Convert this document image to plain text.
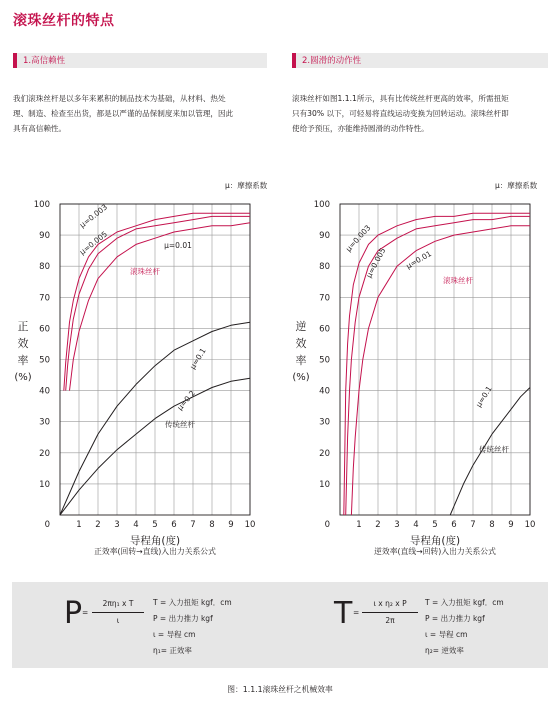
滚珠丝杆的特点
1.高信赖性	2.圆滑的动作性
我们滚珠丝杆是以多年来累积的制品技术为基础，从材料、热处
理、制造、检查至出货，都是以严谨的品保制度来加以管理，因此
具有高信赖性。
滚珠丝杆如图1.1.1所示，具有比传统丝杆更高的效率，所需扭矩
只有30% 以下，可轻易将直线运动变换为回转运动。滚珠丝杆即
使给予预压，亦能维持圆滑的动作特性。
μ：摩擦系数	μ：摩擦系数
正
效
率
(%)
逆
效
率
(%)
10
20
30
40
50
60
70
80
90
100
0	1 2 3 4 5 6 7 8 9 10
导程角(度)
μ=0.003
μ=0.005	μ=0.01
滚珠丝杆
μ=0.1
μ=0.2
传统丝杆
10
20
30
40
50
60
70
80
90
100
0	1 2 3 4 5 6 7 8 9 10
导程角(度)
μ=0.003
μ=0.005 μ=0.01
滚珠丝杆
μ=0.1
传统丝杆
正效率(回转→直线)入出力关系公式	逆效率(直线→回转)入出力关系公式
P =
2πη₁ x T
ι
T = 入力扭矩 kgf．cm
P = 出力推力 kgf
ι = 导程 cm
η₁= 正效率
T =
ι x η₂ x P
2π
T = 入力扭矩 kgf．cm
P = 出力推力 kgf
ι = 导程 cm
η₂= 逆效率
图：1.1.1滚珠丝杆之机械效率
